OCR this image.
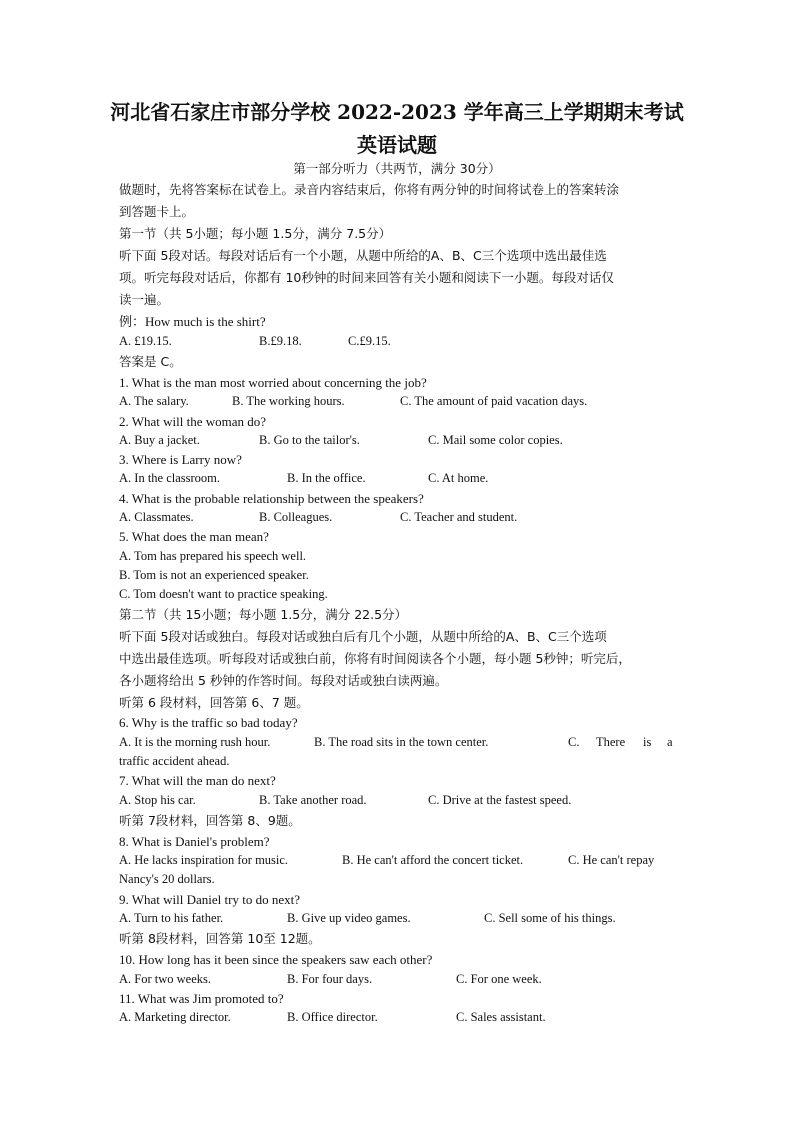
河北省石家庄市部分学校 2022-2023 学年高三上学期期末考试
英语试题
第一部分听力（共两节，满分 30分）
做题时，先将答案标在试卷上。录音内容结束后，你将有两分钟的时间将试卷上的答案转涂
到答题卡上。
第一节（共 5小题；每小题 1.5分，满分 7.5分）
听下面 5段对话。每段对话后有一个小题，从题中所给的A、B、C三个选项中选出最佳选
项。听完每段对话后，你都有 10秒钟的时间来回答有关小题和阅读下一小题。每段对话仅
读一遍。
例：How much is the shirt?
A. £19.15.	B.£9.18.	C.£9.15.
答案是 C。
1. What is the man most worried about concerning the job?
A. The salary.	B. The working hours.	C. The amount of paid vacation days.
2. What will the woman do?
A. Buy a jacket.	B. Go to the tailor's.	C. Mail some color copies.
3. Where is Larry now?
A. In the classroom.	B. In the office.	C. At home.
4. What is the probable relationship between the speakers?
A. Classmates.	B. Colleagues.	C. Teacher and student.
5. What does the man mean?
A. Tom has prepared his speech well.
B. Tom is not an experienced speaker.
C. Tom doesn't want to practice speaking.
第二节（共 15小题；每小题 1.5分，满分 22.5分）
听下面 5段对话或独白。每段对话或独白后有几个小题，从题中所给的A、B、C三个选项
中选出最佳选项。听每段对话或独白前，你将有时间阅读各个小题，每小题 5秒钟；听完后，
各小题将给出 5 秒钟的作答时间。每段对话或独白读两遍。
听第 6 段材料，回答第 6、7 题。
6. Why is the traffic so bad today?
A. It is the morning rush hour.	B. The road sits in the town center.	C. There is a
traffic accident ahead.
7. What will the man do next?
A. Stop his car.	B. Take another road.	C. Drive at the fastest speed.
听第 7段材料，回答第 8、9题。
8. What is Daniel's problem?
A. He lacks inspiration for music.	B. He can't afford the concert ticket.	C. He can't repay
Nancy's 20 dollars.
9. What will Daniel try to do next?
A. Turn to his father.	B. Give up video games.	C. Sell some of his things.
听第 8段材料，回答第 10至 12题。
10. How long has it been since the speakers saw each other?
A. For two weeks.	B. For four days.	C. For one week.
11. What was Jim promoted to?
A. Marketing director.	B. Office director.	C. Sales assistant.
